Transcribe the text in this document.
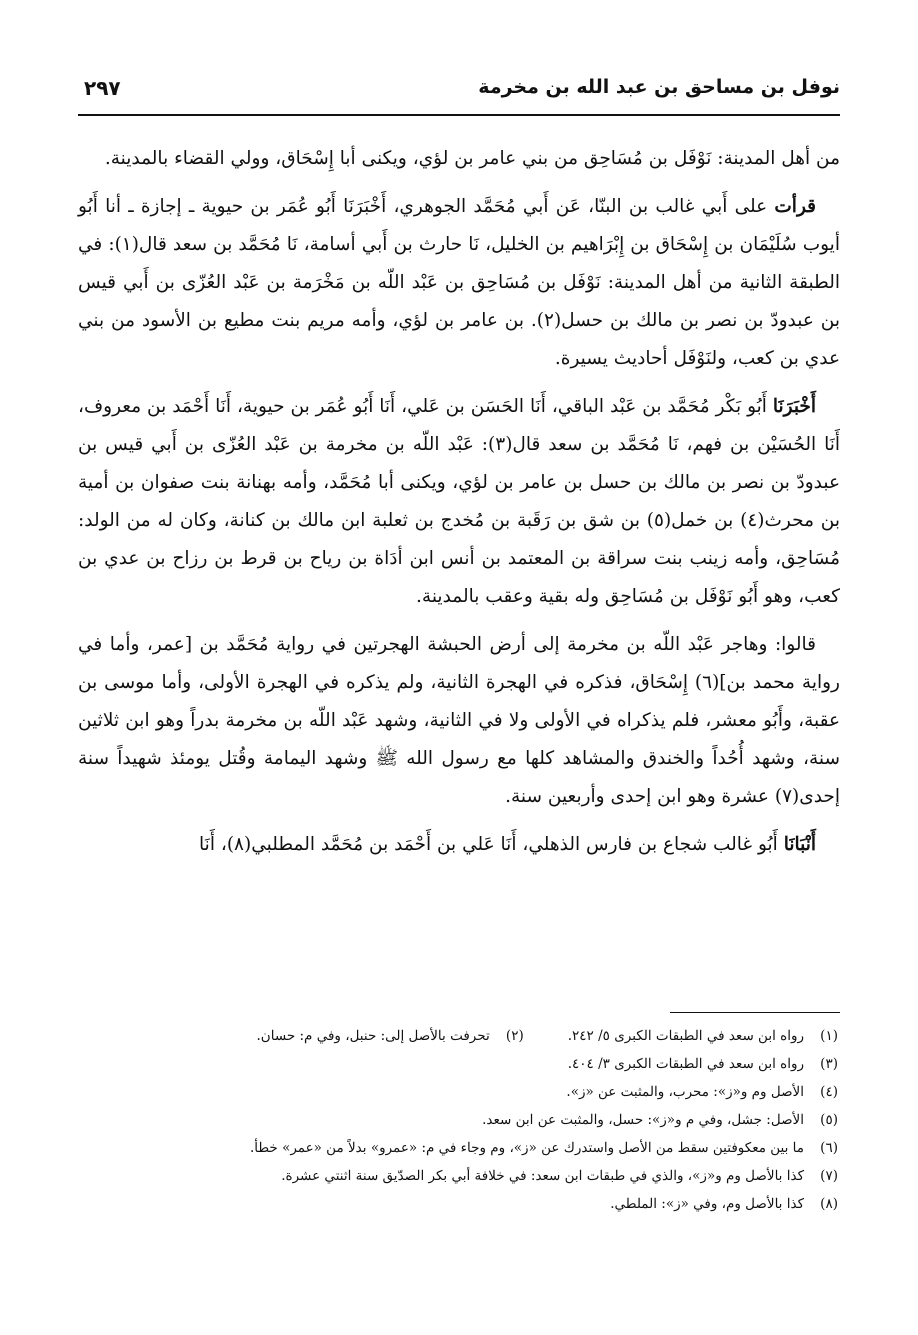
نوفل بن مساحق بن عبد الله بن مخرمة
٢٩٧

من أهل المدينة: نَوْفَل بن مُسَاحِق من بني عامر بن لؤي، ويكنى أبا إِسْحَاق، وولي القضاء بالمدينة.

قرأت على أَبي غالب بن البنّا، عَن أَبي مُحَمَّد الجوهري، أَخْبَرَنَا أَبُو عُمَر بن حيوية ـ إجازة ـ أنا أَبُو أيوب سُلَيْمَان بن إِسْحَاق بن إِبْرَاهيم بن الخليل، نَا حارث بن أَبي أسامة، نَا مُحَمَّد بن سعد قال(١): في الطبقة الثانية من أهل المدينة: نَوْفَل بن مُسَاحِق بن عَبْد اللّه بن مَخْرَمة بن عَبْد العُزّى بن أَبي قيس بن عبدودّ بن نصر بن مالك بن حسل(٢). بن عامر بن لؤي، وأمه مريم بنت مطيع بن الأسود من بني عدي بن كعب، ولنَوْفَل أحاديث يسيرة.

أَخْبَرَنَا أَبُو بَكْر مُحَمَّد بن عَبْد الباقي، أَنَا الحَسَن بن عَلي، أَنَا أَبُو عُمَر بن حيوية، أَنَا أَحْمَد بن معروف، أَنَا الحُسَيْن بن فهم، نَا مُحَمَّد بن سعد قال(٣): عَبْد اللّه بن مخرمة بن عَبْد العُزّى بن أَبي قيس بن عبدودّ بن نصر بن مالك بن حسل بن عامر بن لؤي، ويكنى أبا مُحَمَّد، وأمه بهنانة بنت صفوان بن أمية بن محرث(٤) بن خمل(٥) بن شق بن رَقَبة بن مُخدج بن ثعلبة ابن مالك بن كنانة، وكان له من الولد: مُسَاحِق، وأمه زينب بنت سراقة بن المعتمد بن أنس ابن أدَاة بن رياح بن قرط بن رزاح بن عدي بن كعب، وهو أَبُو نَوْفَل بن مُسَاحِق وله بقية وعقب بالمدينة.

قالوا: وهاجر عَبْد اللّه بن مخرمة إلى أرض الحبشة الهجرتين في رواية مُحَمَّد بن [عمر، وأما في رواية محمد بن](٦) إِسْحَاق، فذكره في الهجرة الثانية، ولم يذكره في الهجرة الأولى، وأما موسى بن عقبة، وأَبُو معشر، فلم يذكراه في الأولى ولا في الثانية، وشهد عَبْد اللّه بن مخرمة بدراً وهو ابن ثلاثين سنة، وشهد أُحُداً والخندق والمشاهد كلها مع رسول الله ﷺ وشهد اليمامة وقُتل يومئذ شهيداً سنة إحدى(٧) عشرة وهو ابن إحدى وأربعين سنة.

أَنْبَانَا أَبُو غالب شجاع بن فارس الذهلي، أَنَا عَلي بن أَحْمَد بن مُحَمَّد المطلبي(٨)، أَنَا

(١)رواه ابن سعد في الطبقات الكبرى ٥/ ٢٤٢.

(٢)تحرفت بالأصل إلى: حنبل، وفي م: حسان.

(٣)رواه ابن سعد في الطبقات الكبرى ٣/ ٤٠٤.

(٤)الأصل وم و«ز»: محرب، والمثبت عن «ز».

(٥)الأصل: جشل، وفي م و«ز»: حسل، والمثبت عن ابن سعد.

(٦)ما بين معكوفتين سقط من الأصل واستدرك عن «ز»، وم وجاء في م: «عمرو» بدلاً من «عمر» خطأ.

(٧)كذا بالأصل وم و«ز»، والذي في طبقات ابن سعد: في خلافة أبي بكر الصدّيق سنة اثنتي عشرة.

(٨)كذا بالأصل وم، وفي «ز»: الملطي.
